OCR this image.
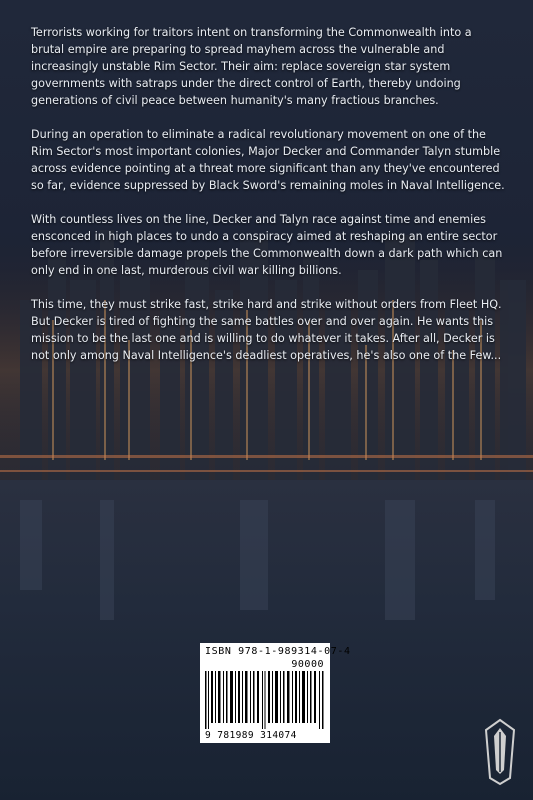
Terrorists working for traitors intent on transforming the Commonwealth into a brutal empire are preparing to spread mayhem across the vulnerable and increasingly unstable Rim Sector. Their aim: replace sovereign star system governments with satraps under the direct control of Earth, thereby undoing generations of civil peace between humanity's many fractious branches.

During an operation to eliminate a radical revolutionary movement on one of the Rim Sector's most important colonies, Major Decker and Commander Talyn stumble across evidence pointing at a threat more significant than any they've encountered so far, evidence suppressed by Black Sword's remaining moles in Naval Intelligence.

With countless lives on the line, Decker and Talyn race against time and enemies ensconced in high places to undo a conspiracy aimed at reshaping an entire sector before irreversible damage propels the Commonwealth down a dark path which can only end in one last, murderous civil war killing billions.

This time, they must strike fast, strike hard and strike without orders from Fleet HQ. But Decker is tired of fighting the same battles over and over again. He wants this mission to be the last one and is willing to do whatever it takes. After all, Decker is not only among Naval Intelligence's deadliest operatives, he's also one of the Few...

ISBN 978-1-989314-07-4
90000
9 781989 314074
